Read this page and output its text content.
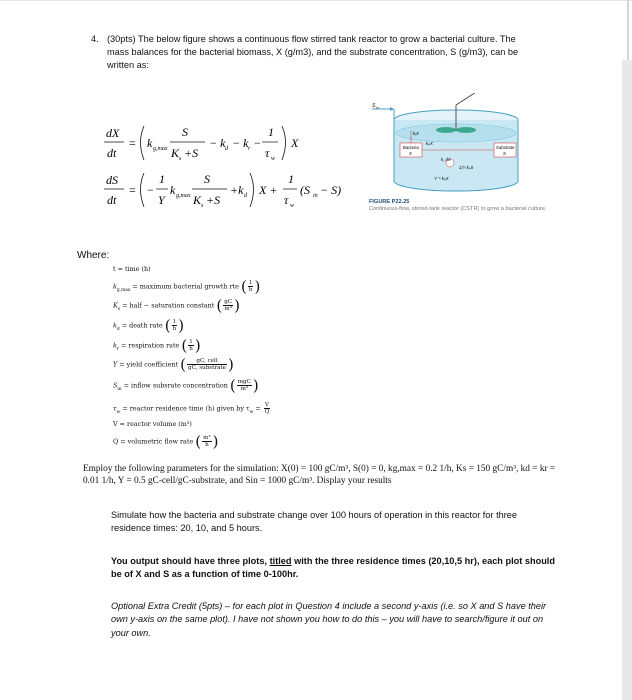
4. (30pts) The below figure shows a continuous flow stirred tank reactor to grow a bacterial culture. The mass balances for the bacterial biomass, X (g/m3), and the substrate concentration, S (g/m3), can be written as:
dX
dt
= k g,max
S
K s +S
− k d − k r −
1
τ w
X
dS
dt
= −
1
Y
k g,max
S
K s +S
+k d X +
1
τ w
(S in − S)
S in
Bacteria
X
Substrate
S
kᵣX
kₚX
k_dX
1/Y kₚX
Y⁻¹ kₚX
FIGURE P22.25
Continuous-flow, stirred-tank reactor (CSTR) to grow a bacterial culture.
Where:
t = time (h)
$k_{g,max}$ = maximum bacterial growth rte ( $\frac{1}{h}$ )
$K_s$ = half − saturation constant ( $\frac{gC}{\text{m³}}$ )
$k_d$ = death rate ( $\frac{1}{h}$ )
$k_r$ = respiration rate ( $\frac{1}{h}$ )
Y = yield coefficient ( $\frac{\text{gC, cell}}{\text{gC, substrate}}$ )
$S_{in}$ = inflow subsrate concentration ( $\frac{\text{mgC}}{\text{m³}}$ )
$\tau_w$ = reactor residence time (h) given by $\tau_w = \frac{V}{Q}$
V = reactor volume (m³)
Q = volumetric flow rate ( $\frac{\text{m³}}{h}$ )
Employ the following parameters for the simulation: X(0) = 100 gC/m³, S(0) = 0, kg,max = 0.2 1/h, Ks = 150 gC/m³, kd = kr = 0.01 1/h, Y = 0.5 gC-cell/gC-substrate, and Sin = 1000 gC/m³. Display your results
Simulate how the bacteria and substrate change over 100 hours of operation in this reactor for three residence times: 20, 10, and 5 hours.
You output should have three plots, titled with the three residence times (20,10,5 hr), each plot should be of X and S as a function of time 0-100hr.
Optional Extra Credit (5pts) – for each plot in Question 4 include a second y-axis (i.e. so X and S have their own y-axis on the same plot). I have not shown you how to do this – you will have to search/figure it out on your own.
